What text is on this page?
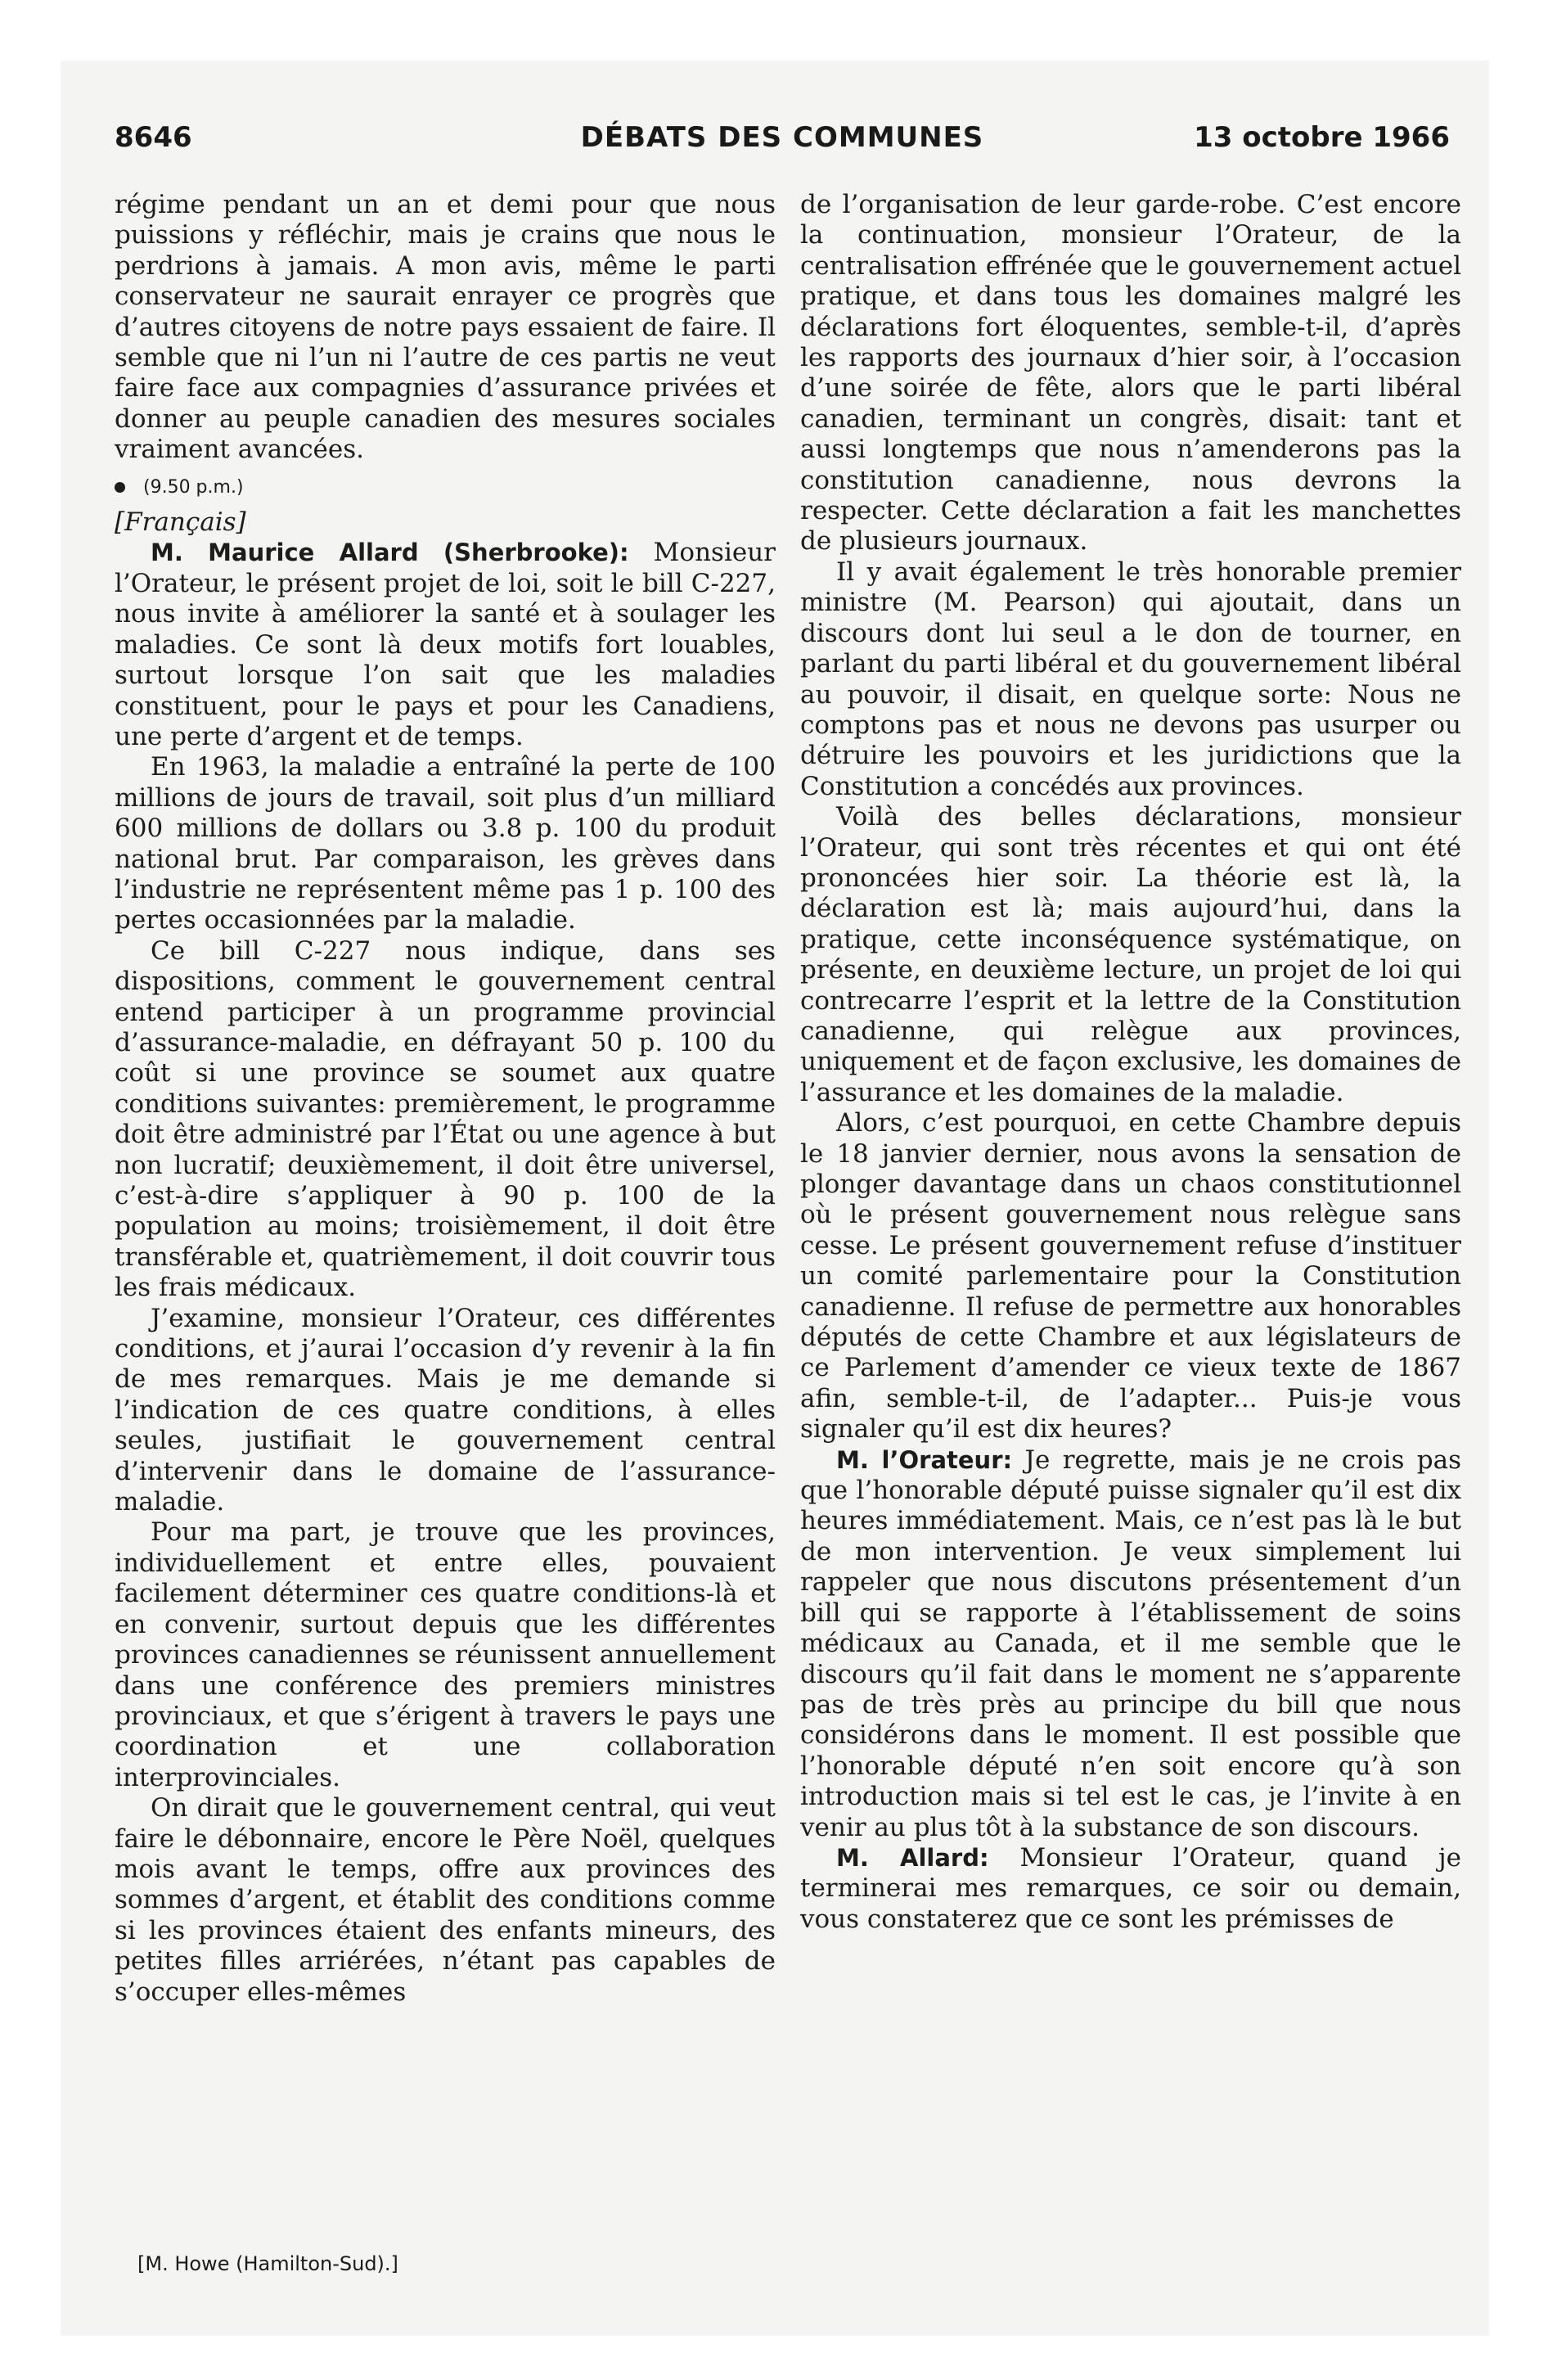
8646	DÉBATS DES COMMUNES	13 octobre 1966

régime pendant un an et demi pour que nous puissions y réfléchir, mais je crains que nous le perdrions à jamais. A mon avis, même le parti conservateur ne saurait enrayer ce progrès que d’autres citoyens de notre pays essaient de faire. Il semble que ni l’un ni l’autre de ces partis ne veut faire face aux compagnies d’assurance privées et donner au peuple canadien des mesures sociales vraiment avancées.

(9.50 p.m.)

[Français]

M. Maurice Allard (Sherbrooke): Monsieur l’Orateur, le présent projet de loi, soit le bill C-227, nous invite à améliorer la santé et à soulager les maladies. Ce sont là deux motifs fort louables, surtout lorsque l’on sait que les maladies constituent, pour le pays et pour les Canadiens, une perte d’argent et de temps.

En 1963, la maladie a entraîné la perte de 100 millions de jours de travail, soit plus d’un milliard 600 millions de dollars ou 3.8 p. 100 du produit national brut. Par comparaison, les grèves dans l’industrie ne représentent même pas 1 p. 100 des pertes occasionnées par la maladie.

Ce bill C-227 nous indique, dans ses dispositions, comment le gouvernement central entend participer à un programme provincial d’assurance-maladie, en défrayant 50 p. 100 du coût si une province se soumet aux quatre conditions suivantes: premièrement, le programme doit être administré par l’État ou une agence à but non lucratif; deuxièmement, il doit être universel, c’est-à-dire s’appliquer à 90 p. 100 de la population au moins; troisièmement, il doit être transférable et, quatrièmement, il doit couvrir tous les frais médicaux.

J’examine, monsieur l’Orateur, ces différentes conditions, et j’aurai l’occasion d’y revenir à la fin de mes remarques. Mais je me demande si l’indication de ces quatre conditions, à elles seules, justifiait le gouvernement central d’intervenir dans le domaine de l’assurance-maladie.

Pour ma part, je trouve que les provinces, individuellement et entre elles, pouvaient facilement déterminer ces quatre conditions-là et en convenir, surtout depuis que les différentes provinces canadiennes se réunissent annuellement dans une conférence des premiers ministres provinciaux, et que s’érigent à travers le pays une coordination et une collaboration interprovinciales.

On dirait que le gouvernement central, qui veut faire le débonnaire, encore le Père Noël, quelques mois avant le temps, offre aux provinces des sommes d’argent, et établit des conditions comme si les provinces étaient des enfants mineurs, des petites filles arriérées, n’étant pas capables de s’occuper elles-mêmes

de l’organisation de leur garde-robe. C’est encore la continuation, monsieur l’Orateur, de la centralisation effrénée que le gouvernement actuel pratique, et dans tous les domaines malgré les déclarations fort éloquentes, semble-t-il, d’après les rapports des journaux d’hier soir, à l’occasion d’une soirée de fête, alors que le parti libéral canadien, terminant un congrès, disait: tant et aussi longtemps que nous n’amenderons pas la constitution canadienne, nous devrons la respecter. Cette déclaration a fait les manchettes de plusieurs journaux.

Il y avait également le très honorable premier ministre (M. Pearson) qui ajoutait, dans un discours dont lui seul a le don de tourner, en parlant du parti libéral et du gouvernement libéral au pouvoir, il disait, en quelque sorte: Nous ne comptons pas et nous ne devons pas usurper ou détruire les pouvoirs et les juridictions que la Constitution a concédés aux provinces.

Voilà des belles déclarations, monsieur l’Orateur, qui sont très récentes et qui ont été prononcées hier soir. La théorie est là, la déclaration est là; mais aujourd’hui, dans la pratique, cette inconséquence systématique, on présente, en deuxième lecture, un projet de loi qui contrecarre l’esprit et la lettre de la Constitution canadienne, qui relègue aux provinces, uniquement et de façon exclusive, les domaines de l’assurance et les domaines de la maladie.

Alors, c’est pourquoi, en cette Chambre depuis le 18 janvier dernier, nous avons la sensation de plonger davantage dans un chaos constitutionnel où le présent gouvernement nous relègue sans cesse. Le présent gouvernement refuse d’instituer un comité parlementaire pour la Constitution canadienne. Il refuse de permettre aux honorables députés de cette Chambre et aux législateurs de ce Parlement d’amender ce vieux texte de 1867 afin, semble-t-il, de l’adapter... Puis-je vous signaler qu’il est dix heures?

M. l’Orateur: Je regrette, mais je ne crois pas que l’honorable député puisse signaler qu’il est dix heures immédiatement. Mais, ce n’est pas là le but de mon intervention. Je veux simplement lui rappeler que nous discutons présentement d’un bill qui se rapporte à l’établissement de soins médicaux au Canada, et il me semble que le discours qu’il fait dans le moment ne s’apparente pas de très près au principe du bill que nous considérons dans le moment. Il est possible que l’honorable député n’en soit encore qu’à son introduction mais si tel est le cas, je l’invite à en venir au plus tôt à la substance de son discours.

M. Allard: Monsieur l’Orateur, quand je terminerai mes remarques, ce soir ou demain, vous constaterez que ce sont les prémisses de

[M. Howe (Hamilton-Sud).]
